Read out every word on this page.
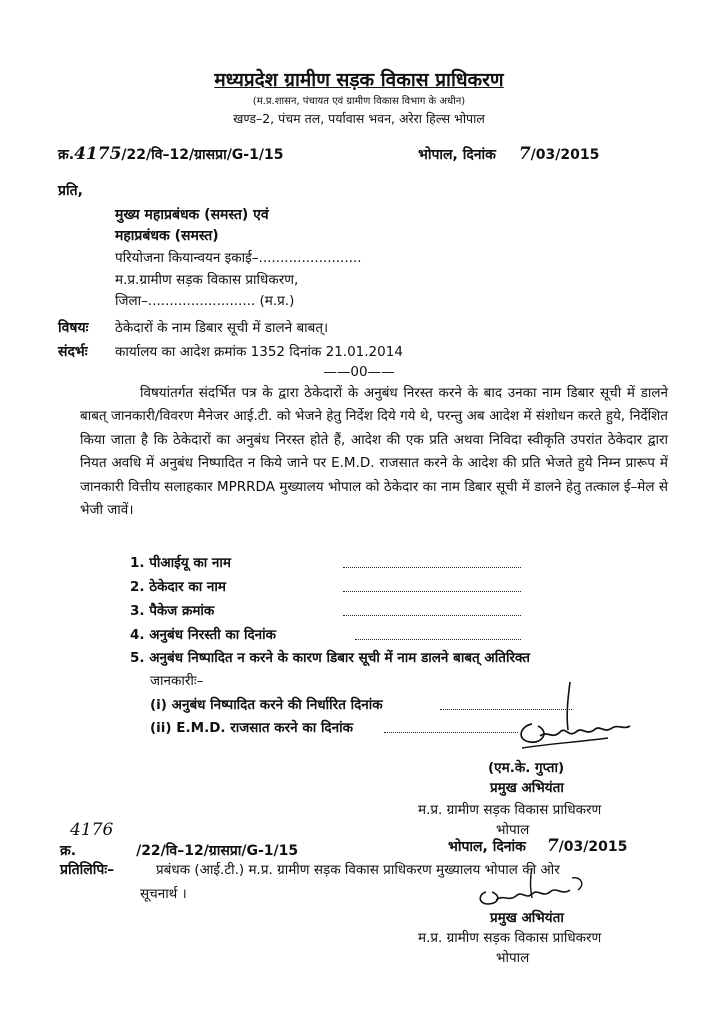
मध्यप्रदेश ग्रामीण सड़क विकास प्राधिकरण
(म.प्र.शासन, पंचायत एवं ग्रामीण विकास विभाग के अधीन)
खण्ड–2, पंचम तल, पर्यावास भवन, अरेरा हिल्स भोपाल
क्र.4175/22/वि–12/ग्रासप्रा/G-1/15	भोपाल, दिनांक 7/03/2015
प्रति,
मुख्य महाप्रबंधक (समस्त) एवं
महाप्रबंधक (समस्त)
परियोजना कियान्वयन इकाई–........................
म.प्र.ग्रामीण सड़क विकास प्राधिकरण,
जिला–......................... (म.प्र.)
विषयः ठेकेदारों के नाम डिबार सूची में डालने बाबत्।
संदर्भः कार्यालय का आदेश क्रमांक 1352 दिनांक 21.01.2014
——00——

विषयांतर्गत संदर्भित पत्र के द्वारा ठेकेदारों के अनुबंध निरस्त करने के बाद उनका नाम डिबार सूची में डालने बाबत् जानकारी/विवरण मैनेजर आई.टी. को भेजने हेतु निर्देश दिये गये थे, परन्तु अब आदेश में संशोधन करते हुये, निर्देशित किया जाता है कि ठेकेदारों का अनुबंध निरस्त होते हैं, आदेश की एक प्रति अथवा निविदा स्वीकृति उपरांत ठेकेदार द्वारा नियत अवधि में अनुबंध निष्पादित न किये जाने पर E.M.D. राजसात करने के आदेश की प्रति भेजते हुये निम्न प्रारूप में जानकारी वित्तीय सलाहकार MPRRDA मुख्यालय भोपाल को ठेकेदार का नाम डिबार सूची में डालने हेतु तत्काल ई–मेल से भेजी जावें।

1. पीआईयू का नाम
2. ठेकेदार का नाम
3. पैकेज क्रमांक
4. अनुबंध निरस्ती का दिनांक
5. अनुबंध निष्पादित न करने के कारण डिबार सूची में नाम डालने बाबत् अतिरिक्त
जानकारीः–
(i) अनुबंध निष्पादित करने की निर्धारित दिनांक
(ii) E.M.D. राजसात करने का दिनांक
(एम.के. गुप्ता)
प्रमुख अभियंता
म.प्र. ग्रामीण सड़क विकास प्राधिकरण
भोपाल
4176
क्र.	/22/वि–12/ग्रासप्रा/G-1/15	भोपाल, दिनांक 7/03/2015
प्रतिलिपिः–	प्रबंधक (आई.टी.) म.प्र. ग्रामीण सड़क विकास प्राधिकरण मुख्यालय भोपाल की ओर
सूचनार्थ ।
प्रमुख अभियंता
म.प्र. ग्रामीण सड़क विकास प्राधिकरण
भोपाल
